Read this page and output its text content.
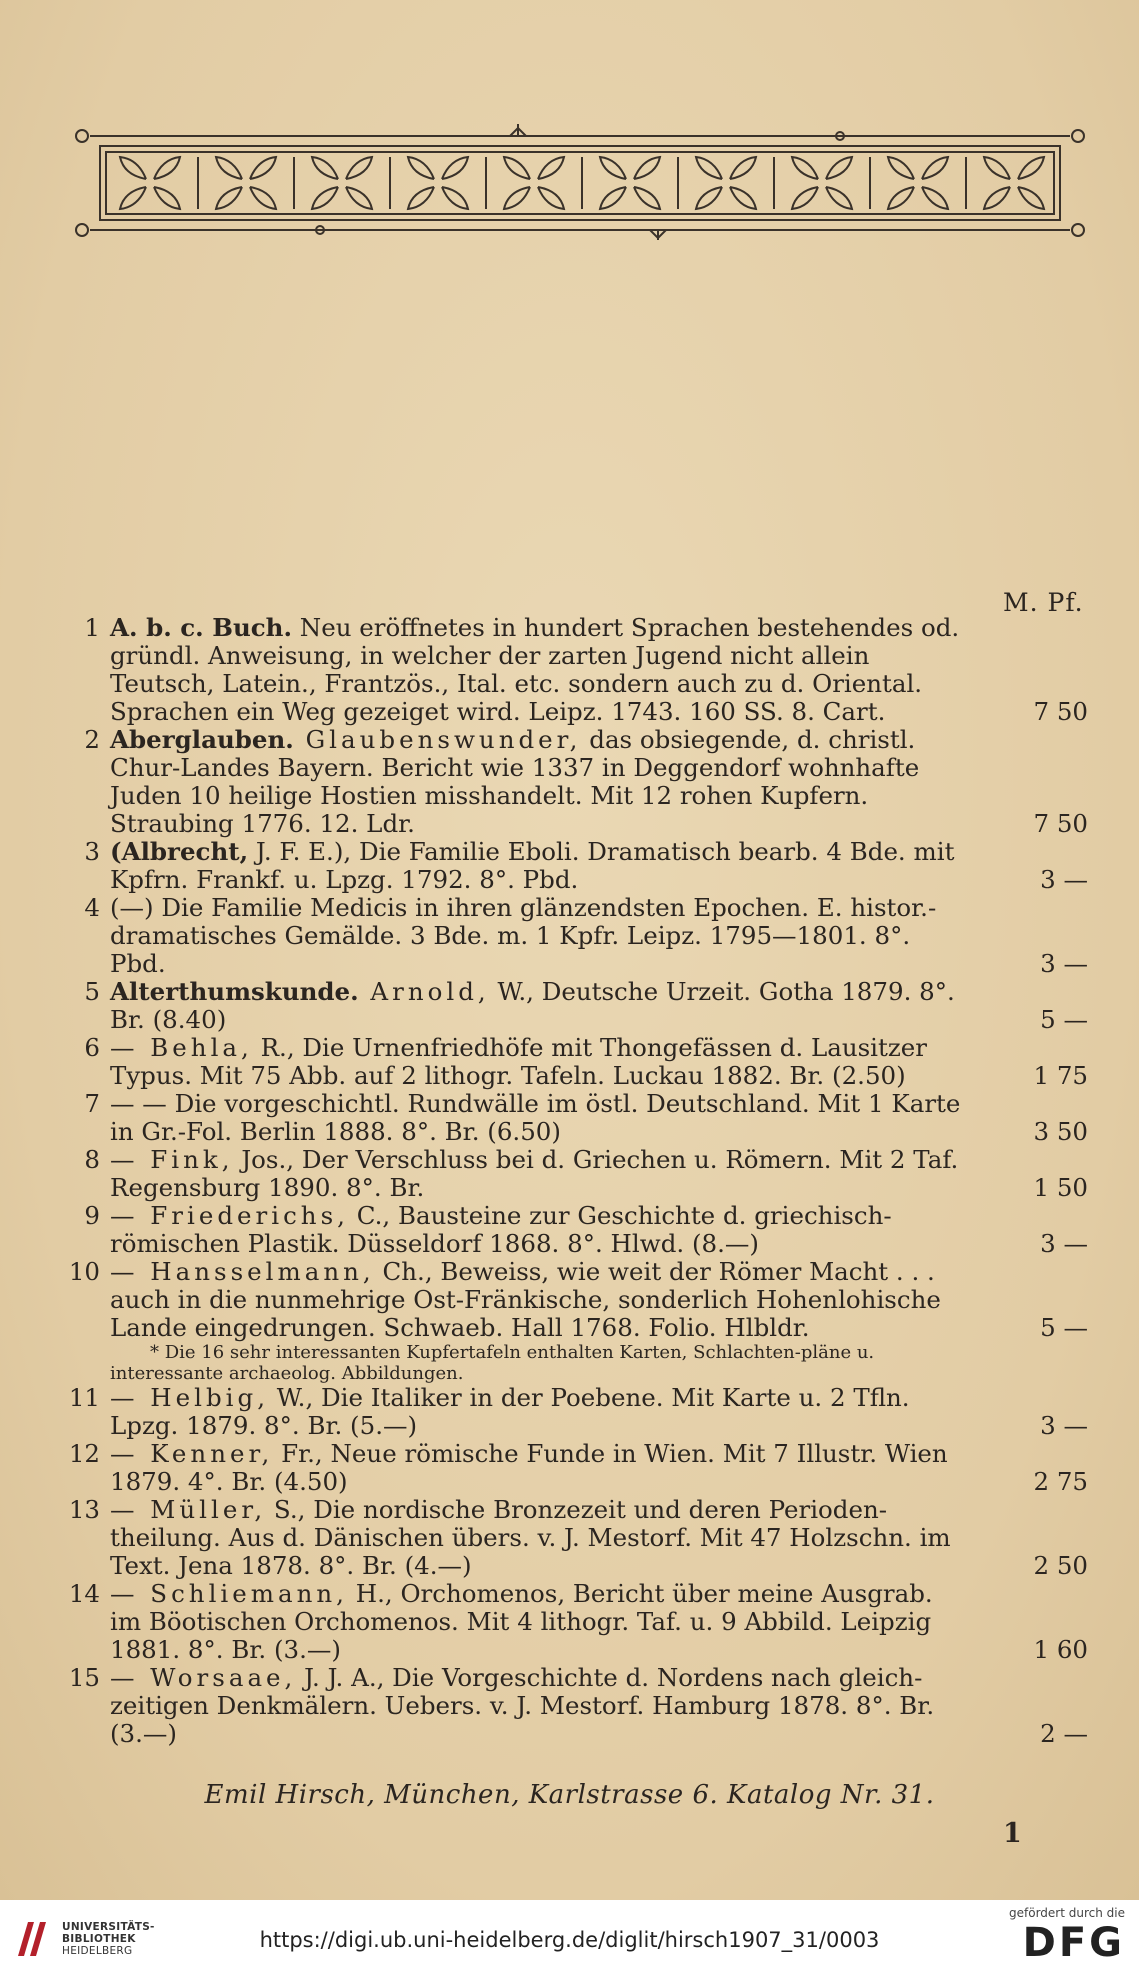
M. Pf.
1 A. b. c. Buch. Neu eröffnetes in hundert Sprachen bestehendes od. gründl. Anweisung, in welcher der zarten Jugend nicht allein Teutsch, Latein., Frantzös., Ital. etc. sondern auch zu d. Oriental. Sprachen ein Weg gezeiget wird. Leipz. 1743. 160 SS. 8. Cart.	7 50
2 Aberglauben. Glaubenswunder, das obsiegende, d. christl. Chur-Landes Bayern. Bericht wie 1337 in Deggendorf wohnhafte Juden 10 heilige Hostien misshandelt. Mit 12 rohen Kupfern. Straubing 1776. 12. Ldr.	7 50
3 (Albrecht, J. F. E.), Die Familie Eboli. Dramatisch bearb. 4 Bde. mit Kpfrn. Frankf. u. Lpzg. 1792. 8°. Pbd.	3 —
4 (—) Die Familie Medicis in ihren glänzendsten Epochen. E. histor.-dramatisches Gemälde. 3 Bde. m. 1 Kpfr. Leipz. 1795—1801. 8°. Pbd.	3 —
5 Alterthumskunde. Arnold, W., Deutsche Urzeit. Gotha 1879. 8°. Br. (8.40)	5 —
6 — Behla, R., Die Urnenfriedhöfe mit Thongefässen d. Lausitzer Typus. Mit 75 Abb. auf 2 lithogr. Tafeln. Luckau 1882. Br. (2.50)	1 75
7 — — Die vorgeschichtl. Rundwälle im östl. Deutschland. Mit 1 Karte in Gr.-Fol. Berlin 1888. 8°. Br. (6.50)	3 50
8 — Fink, Jos., Der Verschluss bei d. Griechen u. Römern. Mit 2 Taf. Regensburg 1890. 8°. Br.	1 50
9 — Friederichs, C., Bausteine zur Geschichte d. griechisch-römischen Plastik. Düsseldorf 1868. 8°. Hlwd. (8.—)	3 —
10 — Hansselmann, Ch., Beweiss, wie weit der Römer Macht . . . auch in die nunmehrige Ost-Fränkische, sonderlich Hohenlohische Lande eingedrungen. Schwaeb. Hall 1768. Folio. Hlbldr.	5 —
* Die 16 sehr interessanten Kupfertafeln enthalten Karten, Schlachten-pläne u. interessante archaeolog. Abbildungen.
11 — Helbig, W., Die Italiker in der Poebene. Mit Karte u. 2 Tfln. Lpzg. 1879. 8°. Br. (5.—)	3 —
12 — Kenner, Fr., Neue römische Funde in Wien. Mit 7 Illustr. Wien 1879. 4°. Br. (4.50)	2 75
13 — Müller, S., Die nordische Bronzezeit und deren Perioden-theilung. Aus d. Dänischen übers. v. J. Mestorf. Mit 47 Holzschn. im Text. Jena 1878. 8°. Br. (4.—)	2 50
14 — Schliemann, H., Orchomenos, Bericht über meine Ausgrab. im Böotischen Orchomenos. Mit 4 lithogr. Taf. u. 9 Abbild. Leipzig 1881. 8°. Br. (3.—)	1 60
15 — Worsaae, J. J. A., Die Vorgeschichte d. Nordens nach gleich-zeitigen Denkmälern. Uebers. v. J. Mestorf. Hamburg 1878. 8°. Br. (3.—)	2 —
Emil Hirsch, München, Karlstrasse 6. Katalog Nr. 31.
1
UNIVERSITÄTS-
BIBLIOTHEK
HEIDELBERG	https://digi.ub.uni-heidelberg.de/diglit/hirsch1907_31/0003
gefördert durch die
DFG
